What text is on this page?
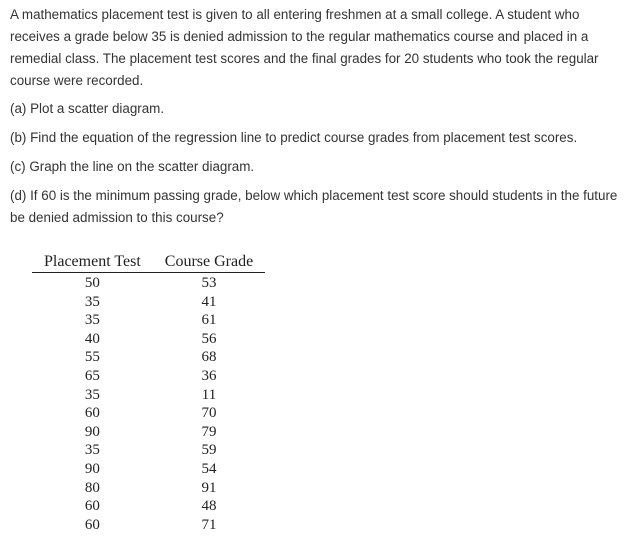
A mathematics placement test is given to all entering freshmen at a small college. A student who receives a grade below 35 is denied admission to the regular mathematics course and placed in a remedial class. The placement test scores and the final grades for 20 students who took the regular course were recorded.

(a) Plot a scatter diagram.

(b) Find the equation of the regression line to predict course grades from placement test scores.

(c) Graph the line on the scatter diagram.

(d) If 60 is the minimum passing grade, below which placement test score should students in the future be denied admission to this course?

Placement Test	Course Grade
50	53
35	41
35	61
40	56
55	68
65	36
35	11
60	70
90	79
35	59
90	54
80	91
60	48
60	71
